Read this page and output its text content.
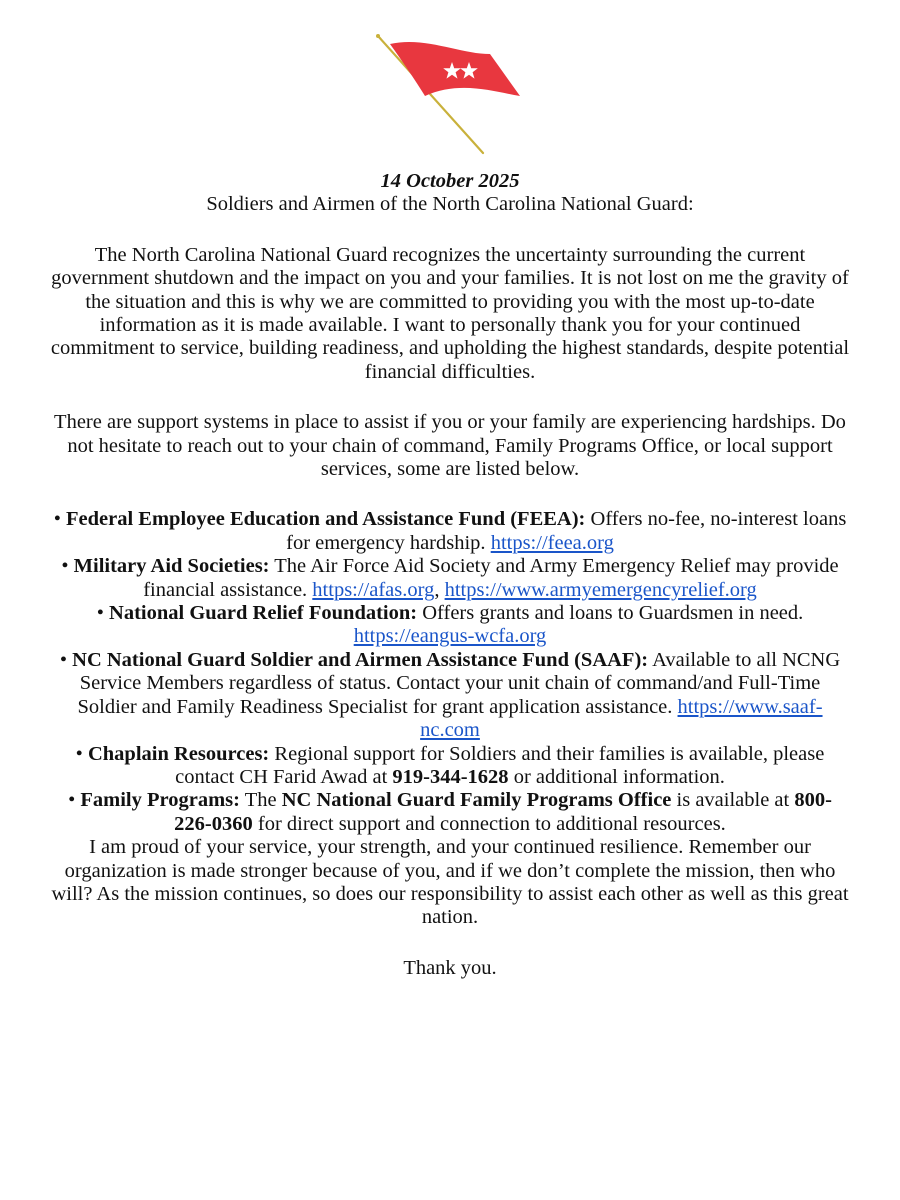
14 October 2025

Soldiers and Airmen of the North Carolina National Guard:

The North Carolina National Guard recognizes the uncertainty surrounding the current government shutdown and the impact on you and your families. It is not lost on me the gravity of the situation and this is why we are committed to providing you with the most up-to-date information as it is made available. I want to personally thank you for your continued commitment to service, building readiness, and upholding the highest standards, despite potential financial difficulties.

There are support systems in place to assist if you or your family are experiencing hardships. Do not hesitate to reach out to your chain of command, Family Programs Office, or local support services, some are listed below.

• Federal Employee Education and Assistance Fund (FEEA): Offers no-fee, no-interest loans for emergency hardship. https://feea.org
• Military Aid Societies: The Air Force Aid Society and Army Emergency Relief may provide financial assistance. https://afas.org, https://www.armyemergencyrelief.org
• National Guard Relief Foundation: Offers grants and loans to Guardsmen in need. https://eangus-wcfa.org
• NC National Guard Soldier and Airmen Assistance Fund (SAAF): Available to all NCNG Service Members regardless of status. Contact your unit chain of command/and Full-Time Soldier and Family Readiness Specialist for grant application assistance. https://www.saaf-nc.com
• Chaplain Resources: Regional support for Soldiers and their families is available, please contact CH Farid Awad at 919-344-1628 or additional information.
• Family Programs: The NC National Guard Family Programs Office is available at 800-226-0360 for direct support and connection to additional resources.

I am proud of your service, your strength, and your continued resilience. Remember our organization is made stronger because of you, and if we don’t complete the mission, then who will? As the mission continues, so does our responsibility to assist each other as well as this great nation.

Thank you.
